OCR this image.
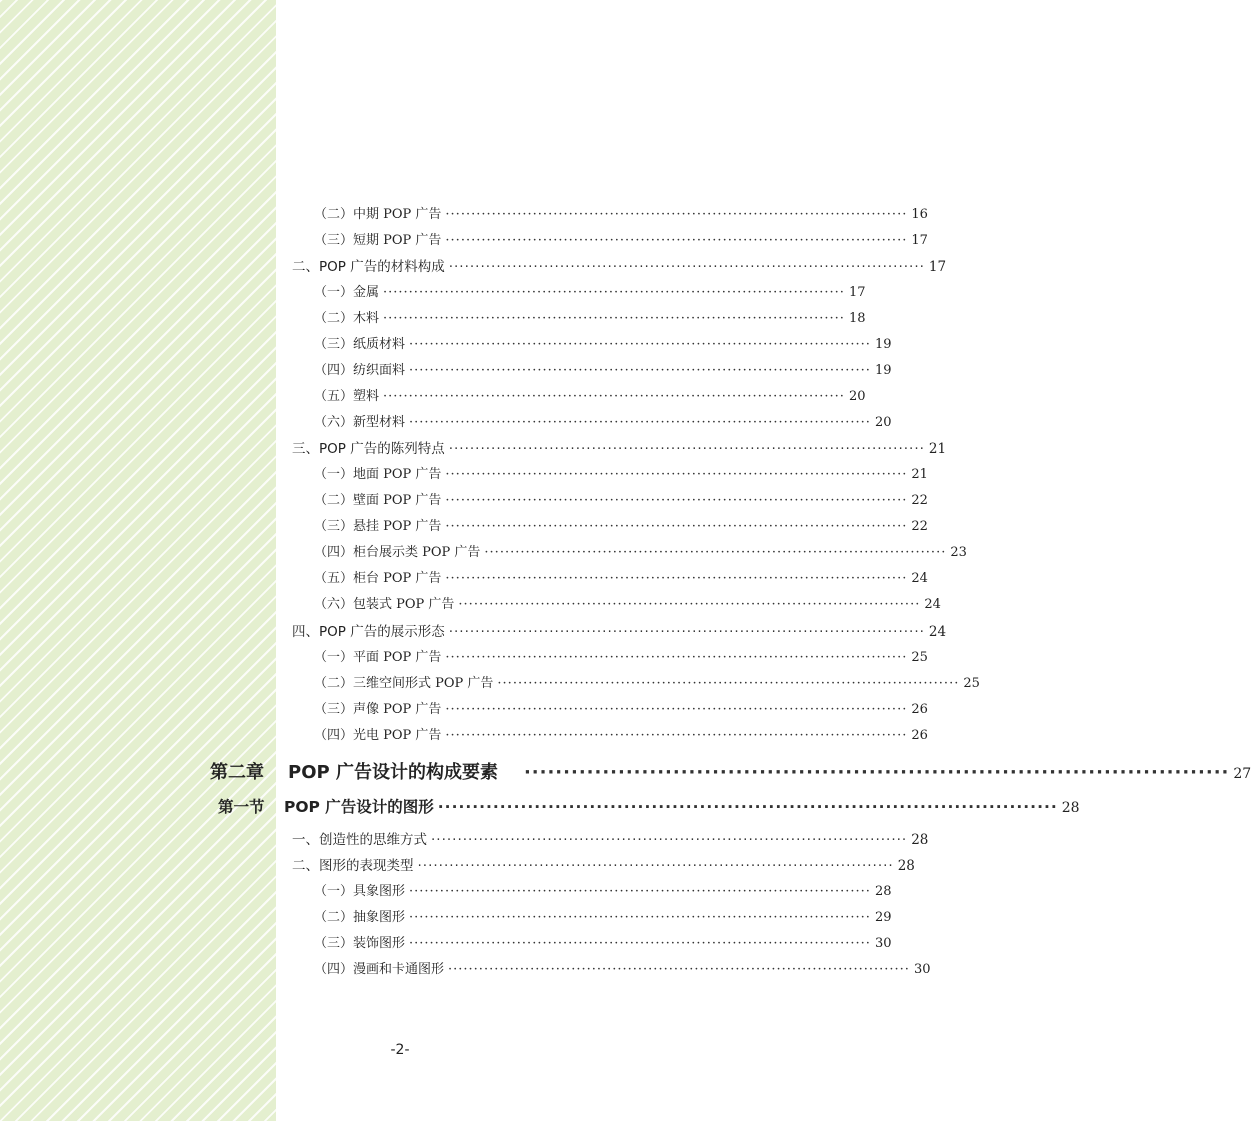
（二）中期 POP 广告 ·························································································· 16
（三）短期 POP 广告 ·························································································· 17
二、POP 广告的材料构成 ·························································································· 17
（一）金属 ·························································································· 17
（二）木料 ·························································································· 18
（三）纸质材料 ·························································································· 19
（四）纺织面料 ·························································································· 19
（五）塑料 ·························································································· 20
（六）新型材料 ·························································································· 20
三、POP 广告的陈列特点 ·························································································· 21
（一）地面 POP 广告 ·························································································· 21
（二）壁面 POP 广告 ·························································································· 22
（三）悬挂 POP 广告 ·························································································· 22
（四）柜台展示类 POP 广告 ·························································································· 23
（五）柜台 POP 广告 ·························································································· 24
（六）包装式 POP 广告 ·························································································· 24
四、POP 广告的展示形态 ·························································································· 24
（一）平面 POP 广告 ·························································································· 25
（二）三维空间形式 POP 广告 ·························································································· 25
（三）声像 POP 广告 ·························································································· 26
（四）光电 POP 广告 ·························································································· 26
第二章 POP 广告设计的构成要素 ·························································································· 27
第一节 POP 广告设计的图形 ·························································································· 28
一、创造性的思维方式 ·························································································· 28
二、图形的表现类型 ·························································································· 28
（一）具象图形 ·························································································· 28
（二）抽象图形 ·························································································· 29
（三）装饰图形 ·························································································· 30
（四）漫画和卡通图形 ·························································································· 30
-2-
